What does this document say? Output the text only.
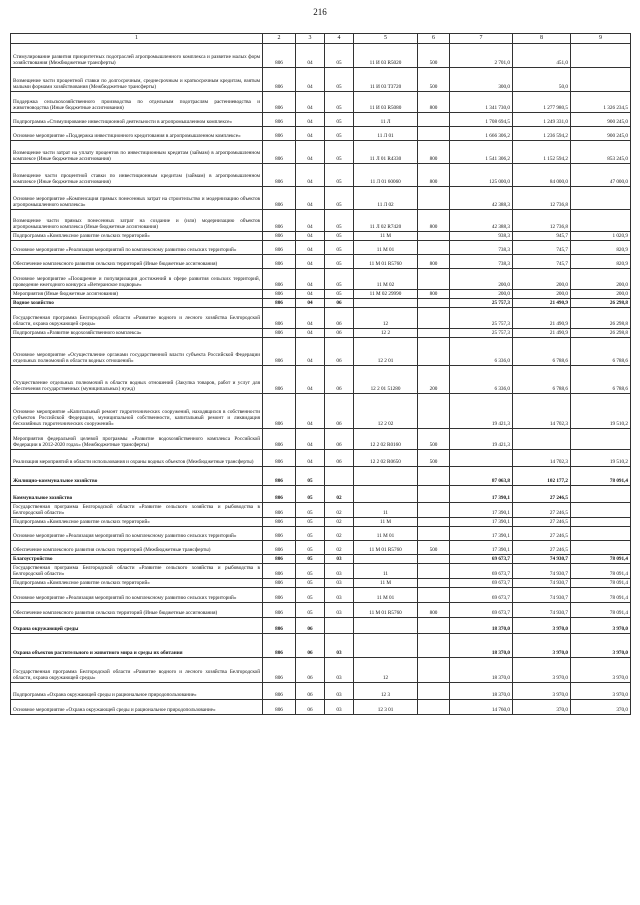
216
1	2	3	4	5	6	7	8	9
Стимулирование развития приоритетных подотраслей агропромышленного комплекса и развитие малых форм хозяйствования (Межбюджетные трансферты)	806	04	05	11 И 03 R5020	500	2 701,0	451,0	
Возмещение части процентной ставки по долгосрочным, среднесрочным и краткосрочным кредитам, взятым малыми формами хозяйствования (Межбюджетные трансферты)	806	04	05	11 И 03 Т3720	500	300,0	50,0	
Поддержка сельскохозяйственного производства по отдельным подотраслям растениеводства и животноводства (Иные бюджетные ассигнования)	806	04	05	11 И 03 R5080	800	1 341 730,0	1 277 980,5	1 326 234,5
Подпрограмма «Стимулирование инвестиционной деятельности в агропромышленном комплексе»	806	04	05	11 Л		1 708 694,5	1 249 331,0	900 245,0
Основное мероприятие «Поддержка инвестиционного кредитования в агропромышленном комплексе»	806	04	05	11 Л 01		1 666 306,2	1 236 594,2	900 245,0
Возмещение части затрат на уплату процентов по инвестиционным кредитам (займам) в агропромышленном комплексе (Иные бюджетные ассигнования)	806	04	05	11 Л 01 R4330	800	1 541 306,2	1 152 594,2	853 245,0
Возмещение части процентной ставки по инвестиционным кредитам (займам) в агропромышленном комплексе (Иные бюджетные ассигнования)	806	04	05	11 Л 01 60060	800	125 000,0	84 000,0	47 000,0
Основное мероприятие «Компенсация прямых понесенных затрат на строительство и модернизацию объектов агропромышленного комплекса»	806	04	05	11 Л 02		42 388,3	12 736,8	
Возмещение части прямых понесенных затрат на создание и (или) модернизацию объектов агропромышленного комплекса (Иные бюджетные ассигнования)	806	04	05	11 Л 02 R7420	800	42 388,3	12 736,8	
Подпрограмма «Комплексное развитие сельских территорий»	806	04	05	11 М		938,3	945,7	1 020,9
Основное мероприятие «Реализация мероприятий по комплексному развитию сельских территорий»	806	04	05	11 М 01		738,3	745,7	820,9
Обеспечение комплексного развития сельских территорий (Иные бюджетные ассигнования)	806	04	05	11 М 01 R5760	800	738,3	745,7	820,9
Основное мероприятие «Поощрение и популяризация достижений в сфере развития сельских территорий, проведение ежегодного конкурса «Ветеранское подворье»	806	04	05	11 М 02		200,0	200,0	200,0
Мероприятия (Иные бюджетные ассигнования)	806	04	05	11 М 02 29990	800	200,0	200,0	200,0
Водное хозяйство	806	04	06			25 757,3	21 490,9	26 298,8
Государственная программа Белгородской области «Развитие водного и лесного хозяйства Белгородской области, охрана окружающей среды»	806	04	06	12		25 757,3	21 490,9	26 298,8
Подпрограмма «Развитие водохозяйственного комплекса»	806	04	06	12 2		25 757,3	21 490,9	26 298,8
Основное мероприятие «Осуществление органами государственной власти субъекта Российской Федерации отдельных полномочий в области водных отношений»	806	04	06	12 2 01		6 336,0	6 788,6	6 788,6
Осуществление отдельных полномочий в области водных отношений (Закупка товаров, работ и услуг для обеспечения государственных (муниципальных) нужд)	806	04	06	12 2 01 51280	200	6 336,0	6 788,6	6 788,6
Основное мероприятие «Капитальный ремонт гидротехнических сооружений, находящихся в собственности субъектов Российской Федерации, муниципальной собственности, капитальный ремонт и ликвидация бесхозяйных гидротехнических сооружений»	806	04	06	12 2 02		19 421,3	14 702,3	19 510,2
Мероприятия федеральной целевой программы «Развитие водохозяйственного комплекса Российской Федерации в 2012-2020 годах» (Межбюджетные трансферты)	806	04	06	12 2 02 R0160	500	19 421,3		
Реализация мероприятий в области использования и охраны водных объектов (Межбюджетные трансферты)	806	04	06	12 2 02 R0650	500		14 702,3	19 510,2
Жилищно-коммунальное хозяйство	806	05				87 063,8	102 177,2	78 091,4
Коммунальное хозяйство	806	05	02			17 390,1	27 246,5	
Государственная программа Белгородской области «Развитие сельского хозяйства и рыбоводства в Белгородской области»	806	05	02	11		17 390,1	27 246,5	
Подпрограмма «Комплексное развитие сельских территорий»	806	05	02	11 М		17 390,1	27 246,5	
Основное мероприятие «Реализация мероприятий по комплексному развитию сельских территорий»	806	05	02	11 М 01		17 390,1	27 246,5	
Обеспечение комплексного развития сельских территорий (Межбюджетные трансферты)	806	05	02	11 М 01 R5760	500	17 390,1	27 246,5	
Благоустройство	806	05	03			69 673,7	74 930,7	78 091,4
Государственная программа Белгородской области «Развитие сельского хозяйства и рыбоводства в Белгородской области»	806	05	03	11		69 673,7	74 930,7	78 091,4
Подпрограмма «Комплексное развитие сельских территорий»	806	05	03	11 М		69 673,7	74 930,7	78 091,4
Основное мероприятие «Реализация мероприятий по комплексному развитию сельских территорий»	806	05	03	11 М 01		69 673,7	74 930,7	78 091,4
Обеспечение комплексного развития сельских территорий (Иные бюджетные ассигнования)	806	05	03	11 М 01 R5760	800	69 673,7	74 930,7	78 091,4
Охрана окружающей среды	806	06				18 370,0	3 970,0	3 970,0
Охрана объектов растительного и животного мира и среды их обитания	806	06	03			18 370,0	3 970,0	3 970,0
Государственная программа Белгородской области «Развитие водного и лесного хозяйства Белгородской области, охрана окружающей среды»	806	06	03	12		18 370,0	3 970,0	3 970,0
Подпрограмма «Охрана окружающей среды и рациональное природопользование»	806	06	03	12 3		18 370,0	3 970,0	3 970,0
Основное мероприятие «Охрана окружающей среды и рациональное природопользование»	806	06	03	12 3 01		14 760,0	370,0	370,0
